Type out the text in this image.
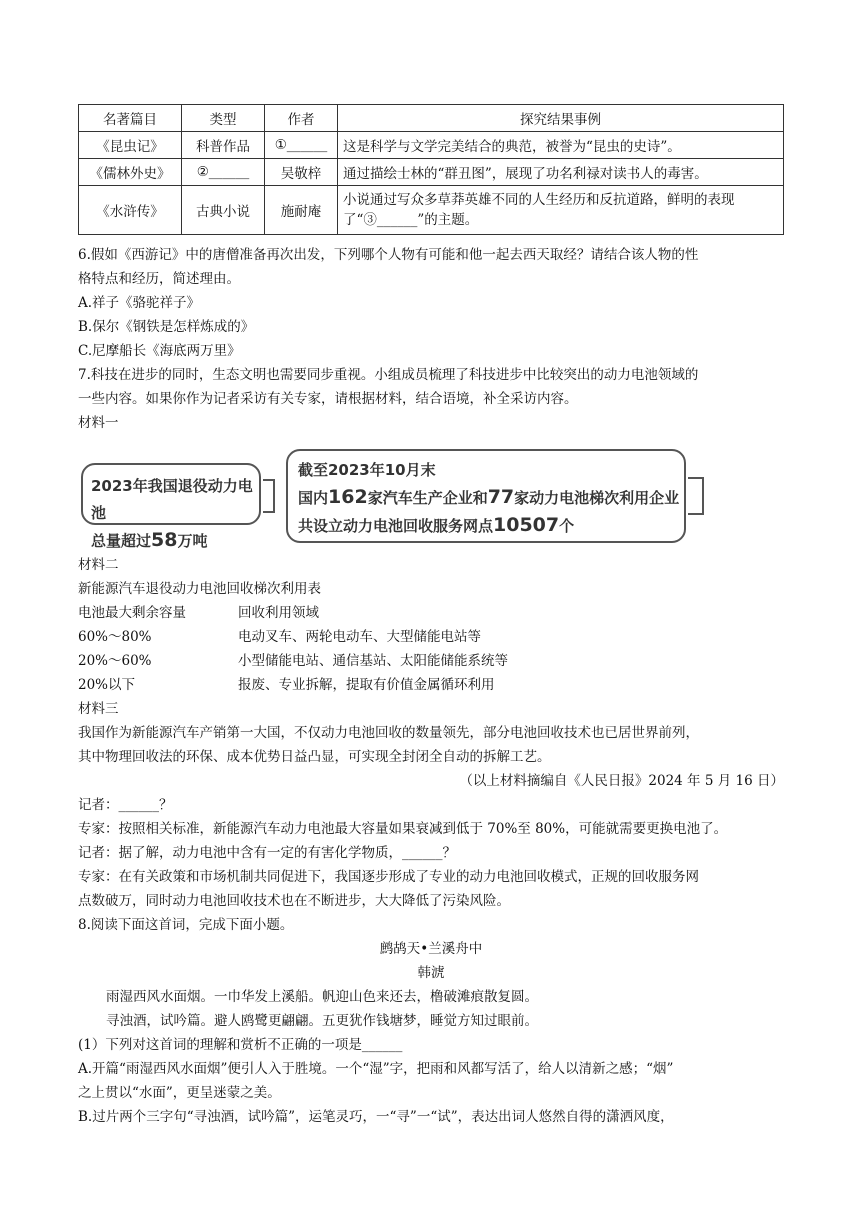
名著篇目	类型	作者	探究结果事例
《昆虫记》	科普作品	①______	这是科学与文学完美结合的典范，被誉为“昆虫的史诗”。
《儒林外史》	②______	吴敬梓	通过描绘士林的“群丑图”，展现了功名利禄对读书人的毒害。
《水浒传》	古典小说	施耐庵	小说通过写众多草莽英雄不同的人生经历和反抗道路，鲜明的表现了“③______”的主题。
6.假如《西游记》中的唐僧准备再次出发，下列哪个人物有可能和他一起去西天取经？请结合该人物的性
格特点和经历，简述理由。
A.祥子《骆驼祥子》
B.保尔《钢铁是怎样炼成的》
C.尼摩船长《海底两万里》
7.科技在进步的同时，生态文明也需要同步重视。小组成员梳理了科技进步中比较突出的动力电池领域的
一些内容。如果你作为记者采访有关专家，请根据材料，结合语境，补全采访内容。
材料一
2023年我国退役动力电池
总量超过58万吨
截至2023年10月末
国内162家汽车生产企业和77家动力电池梯次利用企业
共设立动力电池回收服务网点10507个
材料二
新能源汽车退役动力电池回收梯次利用表
电池最大剩余容量	回收利用领域
60%～80%	电动叉车、两轮电动车、大型储能电站等
20%～60%	小型储能电站、通信基站、太阳能储能系统等
20%以下	报废、专业拆解，提取有价值金属循环利用
材料三
我国作为新能源汽车产销第一大国，不仅动力电池回收的数量领先，部分电池回收技术也已居世界前列，
其中物理回收法的环保、成本优势日益凸显，可实现全封闭全自动的拆解工艺。
（以上材料摘编自《人民日报》2024 年 5 月 16 日）
记者：______？
专家：按照相关标准，新能源汽车动力电池最大容量如果衰减到低于 70%至 80%，可能就需要更换电池了。
记者：据了解，动力电池中含有一定的有害化学物质，______？
专家：在有关政策和市场机制共同促进下，我国逐步形成了专业的动力电池回收模式，正规的回收服务网
点数破万，同时动力电池回收技术也在不断进步，大大降低了污染风险。
8.阅读下面这首词，完成下面小题。
鹧鸪天•兰溪舟中
韩淲
雨湿西风水面烟。一巾华发上溪船。帆迎山色来还去，橹破滩痕散复圆。
寻浊酒，试吟篇。避人鸥鹭更翩翩。五更犹作钱塘梦，睡觉方知过眼前。
(1）下列对这首词的理解和赏析不正确的一项是______
A.开篇“雨湿西风水面烟”便引人入于胜境。一个“湿”字，把雨和风都写活了，给人以清新之感；“烟”
之上贯以“水面”，更呈迷蒙之美。
B.过片两个三字句“寻浊酒，试吟篇”，运笔灵巧，一“寻”一“试”，表达出词人悠然自得的潇洒风度，
